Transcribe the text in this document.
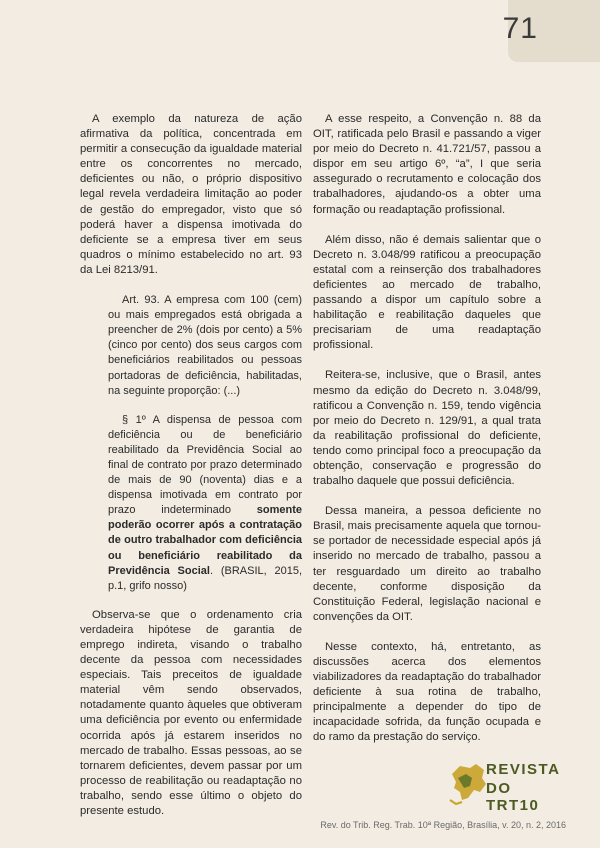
71

A exemplo da natureza de ação afirmativa da política, concentrada em permitir a consecução da igualdade material entre os concorrentes no mercado, deficientes ou não, o próprio dispositivo legal revela verdadeira limitação ao poder de gestão do empregador, visto que só poderá haver a dispensa imotivada do deficiente se a empresa tiver em seus quadros o mínimo estabelecido no art. 93 da Lei 8213/91.

Art. 93. A empresa com 100 (cem) ou mais empregados está obrigada a preencher de 2% (dois por cento) a 5% (cinco por cento) dos seus cargos com beneficiários reabilitados ou pessoas portadoras de deficiência, habilitadas, na seguinte proporção: (...)

§ 1º A dispensa de pessoa com deficiência ou de beneficiário reabilitado da Previdência Social ao final de contrato por prazo determinado de mais de 90 (noventa) dias e a dispensa imotivada em contrato por prazo indeterminado somente poderão ocorrer após a contratação de outro trabalhador com deficiência ou beneficiário reabilitado da Previdência Social. (BRASIL, 2015, p.1, grifo nosso)

Observa-se que o ordenamento cria verdadeira hipótese de garantia de emprego indireta, visando o trabalho decente da pessoa com necessidades especiais. Tais preceitos de igualdade material vêm sendo observados, notadamente quanto àqueles que obtiveram uma deficiência por evento ou enfermidade ocorrida após já estarem inseridos no mercado de trabalho. Essas pessoas, ao se tornarem deficientes, devem passar por um processo de reabilitação ou readaptação no trabalho, sendo esse último o objeto do presente estudo.

A esse respeito, a Convenção n. 88 da OIT, ratificada pelo Brasil e passando a viger por meio do Decreto n. 41.721/57, passou a dispor em seu artigo 6º, “a”, I que seria assegurado o recrutamento e colocação dos trabalhadores, ajudando-os a obter uma formação ou readaptação profissional.

Além disso, não é demais salientar que o Decreto n. 3.048/99 ratificou a preocupação estatal com a reinserção dos trabalhadores deficientes ao mercado de trabalho, passando a dispor um capítulo sobre a habilitação e reabilitação daqueles que precisariam de uma readaptação profissional.

Reitera-se, inclusive, que o Brasil, antes mesmo da edição do Decreto n. 3.048/99, ratificou a Convenção n. 159, tendo vigência por meio do Decreto n. 129/91, a qual trata da reabilitação profissional do deficiente, tendo como principal foco a preocupação da obtenção, conservação e progressão do trabalho daquele que possui deficiência.

Dessa maneira, a pessoa deficiente no Brasil, mais precisamente aquela que tornou-se portador de necessidade especial após já inserido no mercado de trabalho, passou a ter resguardado um direito ao trabalho decente, conforme disposição da Constituição Federal, legislação nacional e convenções da OIT.

Nesse contexto, há, entretanto, as discussões acerca dos elementos viabilizadores da readaptação do trabalhador deficiente à sua rotina de trabalho, principalmente a depender do tipo de incapacidade sofrida, da função ocupada e do ramo da prestação do serviço.

REVISTA
DO TRT10
Rev. do Trib. Reg. Trab. 10ª Região, Brasília, v. 20, n. 2, 2016
